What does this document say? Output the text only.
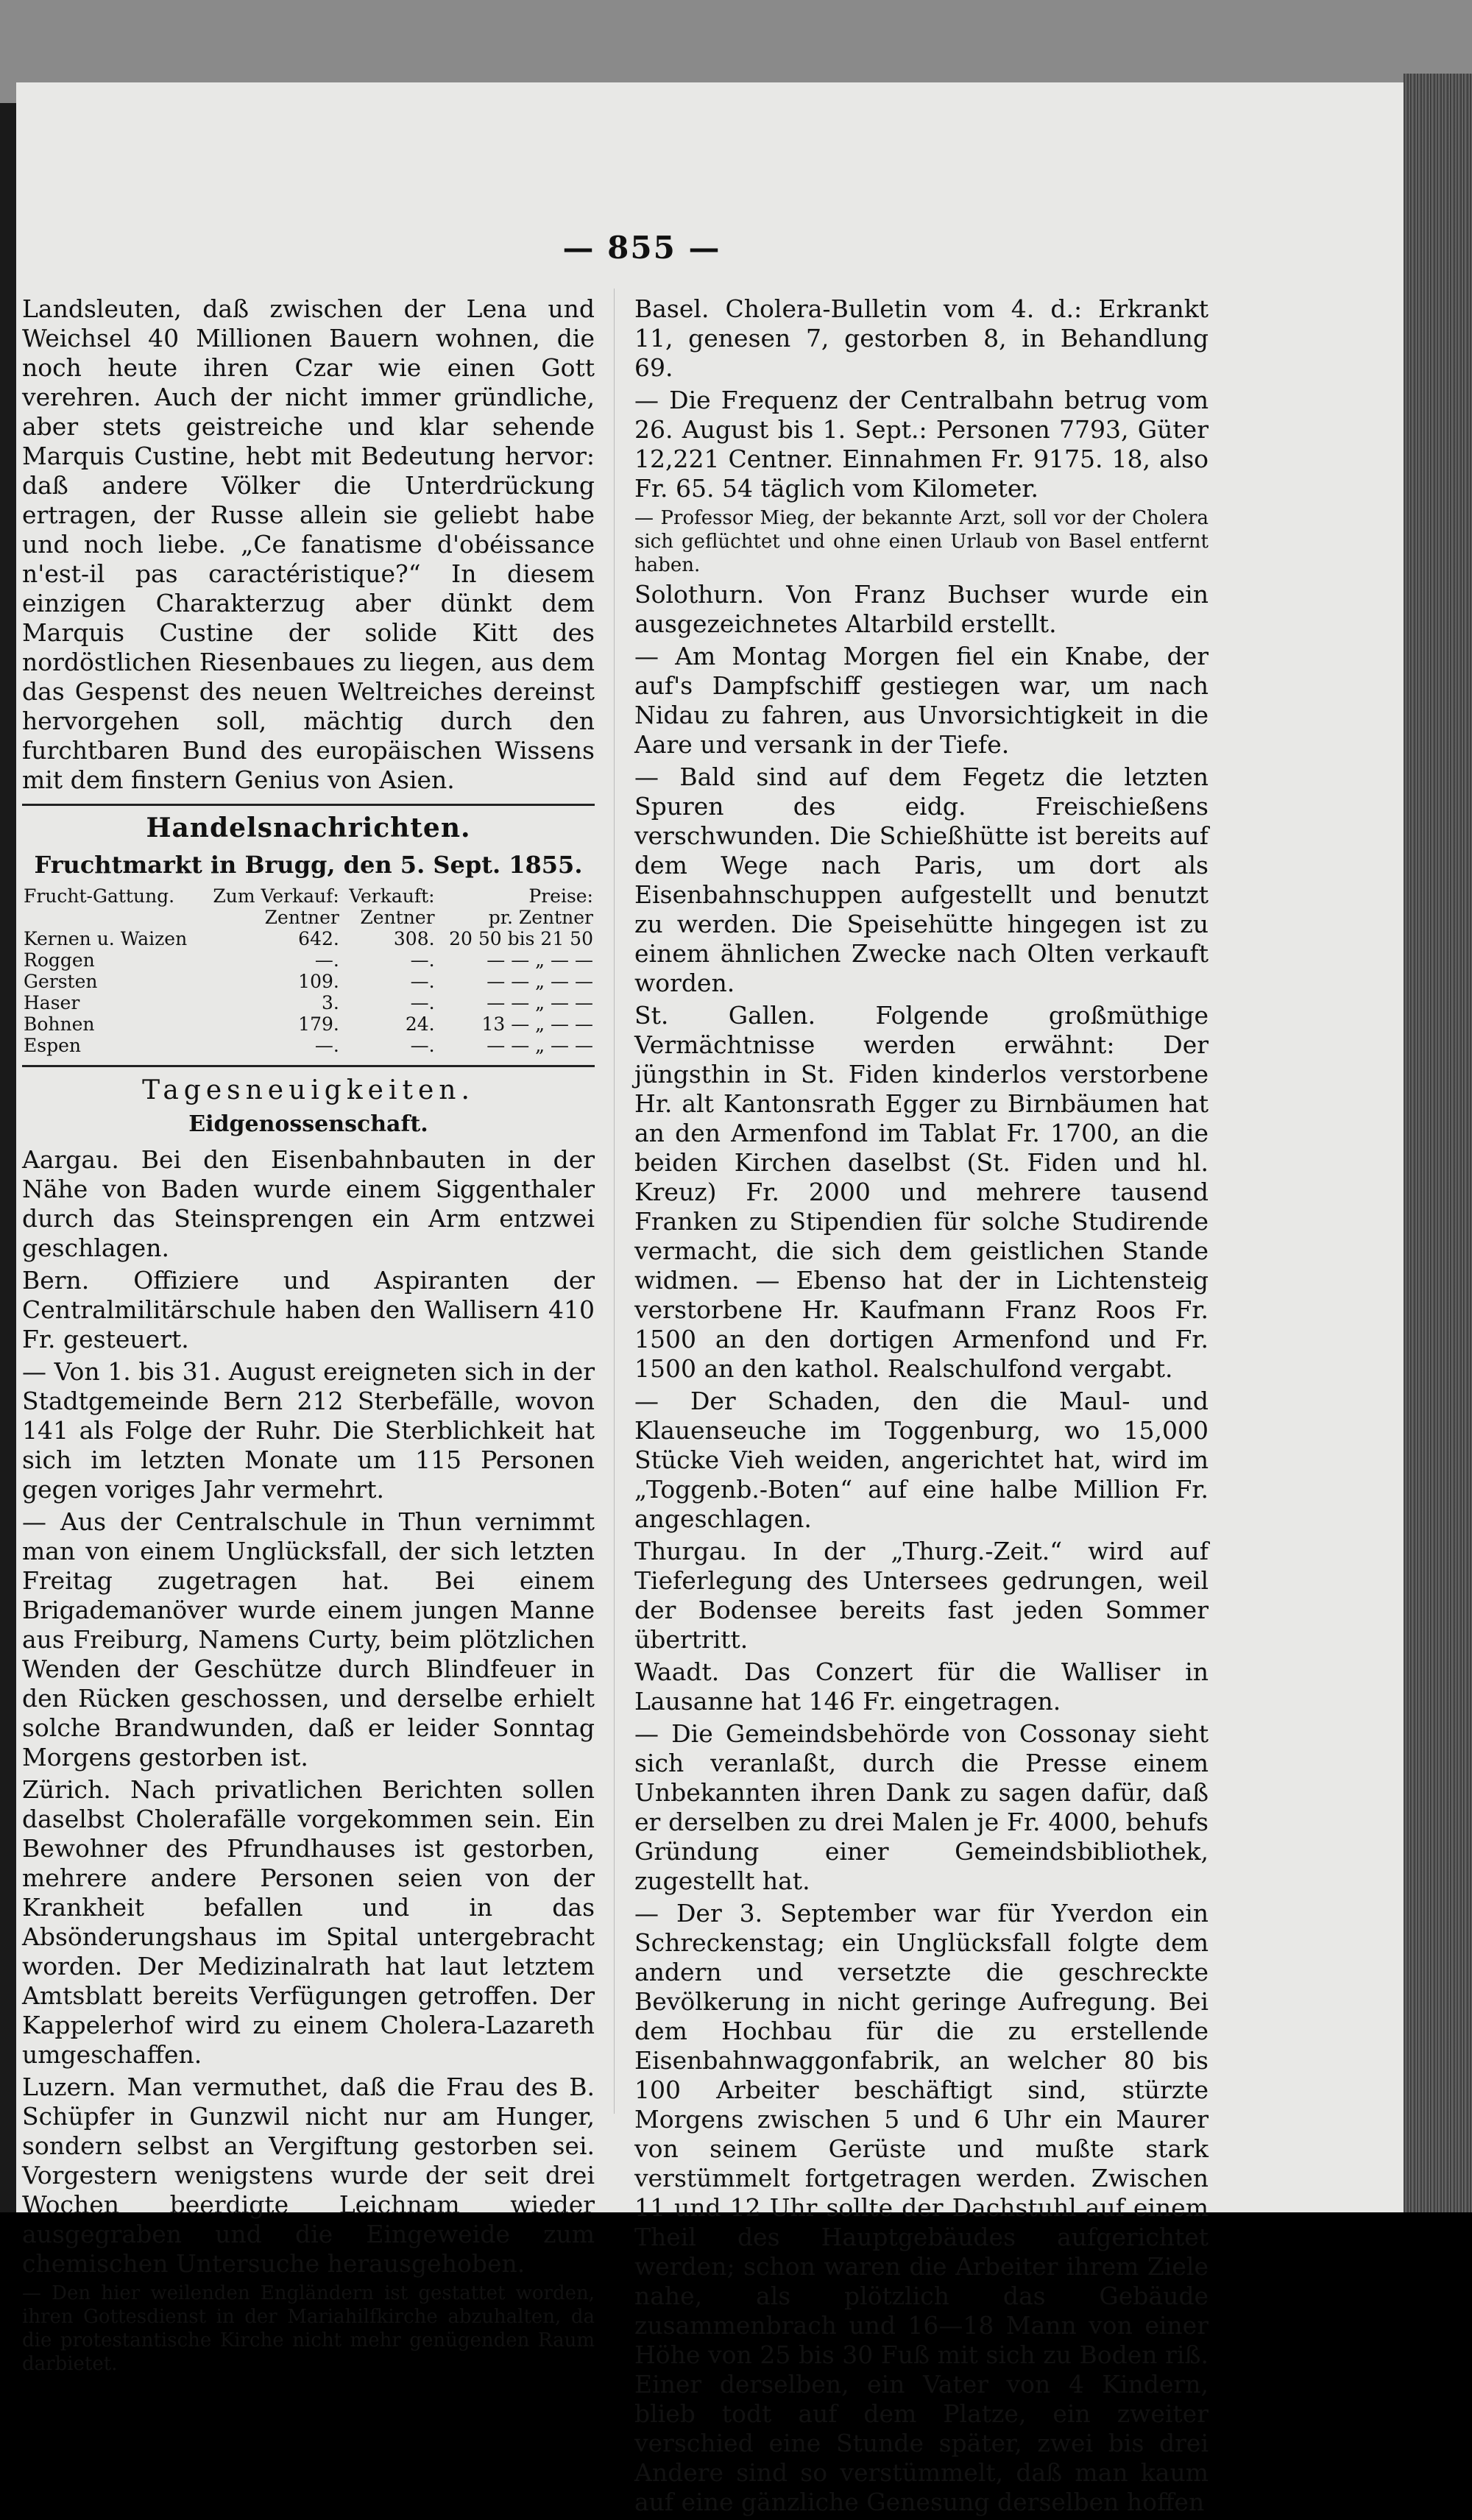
— 855 —

Landsleuten, daß zwischen der Lena und Weichsel 40 Millionen Bauern wohnen, die noch heute ihren Czar wie einen Gott verehren. Auch der nicht immer gründliche, aber stets geistreiche und klar sehende Marquis Custine, hebt mit Bedeutung hervor: daß andere Völker die Unterdrückung ertragen, der Russe allein sie geliebt habe und noch liebe. „Ce fanatisme d'obéissance n'est-il pas caractéristique?“ In diesem einzigen Charakterzug aber dünkt dem Marquis Custine der solide Kitt des nordöstlichen Riesenbaues zu liegen, aus dem das Gespenst des neuen Weltreiches dereinst hervorgehen soll, mächtig durch den furchtbaren Bund des europäischen Wissens mit dem finstern Genius von Asien.

Handelsnachrichten.
Fruchtmarkt in Brugg, den 5. Sept. 1855.
Frucht-Gattung.	Zum Verkauf:	Verkauft:	Preise:
	Zentner	Zentner	pr. Zentner
Kernen u. Waizen	642.	308.	20 50 bis 21 50
Roggen	—.	—.	— — „ — —
Gersten	109.	—.	— — „ — —
Haser	3.	—.	— — „ — —
Bohnen	179.	24.	13 — „ — —
Espen	—.	—.	— — „ — —
Tagesneuigkeiten.
Eidgenossenschaft.

Aargau. Bei den Eisenbahnbauten in der Nähe von Baden wurde einem Siggenthaler durch das Steinsprengen ein Arm entzwei geschlagen.

Bern. Offiziere und Aspiranten der Centralmilitärschule haben den Wallisern 410 Fr. gesteuert.

— Von 1. bis 31. August ereigneten sich in der Stadtgemeinde Bern 212 Sterbefälle, wovon 141 als Folge der Ruhr. Die Sterblichkeit hat sich im letzten Monate um 115 Personen gegen voriges Jahr vermehrt.

— Aus der Centralschule in Thun vernimmt man von einem Unglücksfall, der sich letzten Freitag zugetragen hat. Bei einem Brigademanöver wurde einem jungen Manne aus Freiburg, Namens Curty, beim plötzlichen Wenden der Geschütze durch Blindfeuer in den Rücken geschossen, und derselbe erhielt solche Brandwunden, daß er leider Sonntag Morgens gestorben ist.

Zürich. Nach privatlichen Berichten sollen daselbst Cholerafälle vorgekommen sein. Ein Bewohner des Pfrundhauses ist gestorben, mehrere andere Personen seien von der Krankheit befallen und in das Absönderungshaus im Spital untergebracht worden. Der Medizinalrath hat laut letztem Amtsblatt bereits Verfügungen getroffen. Der Kappelerhof wird zu einem Cholera-Lazareth umgeschaffen.

Luzern. Man vermuthet, daß die Frau des B. Schüpfer in Gunzwil nicht nur am Hunger, sondern selbst an Vergiftung gestorben sei. Vorgestern wenigstens wurde der seit drei Wochen beerdigte Leichnam wieder ausgegraben und die Eingeweide zum chemischen Untersuche herausgehoben.

— Den hier weilenden Engländern ist gestattet worden, ihren Gottesdienst in der Mariahilfkirche abzuhalten, da die protestantische Kirche nicht mehr genügenden Raum darbietet.

Basel. Cholera-Bulletin vom 4. d.: Erkrankt 11, genesen 7, gestorben 8, in Behandlung 69.

— Die Frequenz der Centralbahn betrug vom 26. August bis 1. Sept.: Personen 7793, Güter 12,221 Centner. Einnahmen Fr. 9175. 18, also Fr. 65. 54 täglich vom Kilometer.

— Professor Mieg, der bekannte Arzt, soll vor der Cholera sich geflüchtet und ohne einen Urlaub von Basel entfernt haben.

Solothurn. Von Franz Buchser wurde ein ausgezeichnetes Altarbild erstellt.

— Am Montag Morgen fiel ein Knabe, der auf's Dampfschiff gestiegen war, um nach Nidau zu fahren, aus Unvorsichtigkeit in die Aare und versank in der Tiefe.

— Bald sind auf dem Fegetz die letzten Spuren des eidg. Freischießens verschwunden. Die Schießhütte ist bereits auf dem Wege nach Paris, um dort als Eisenbahnschuppen aufgestellt und benutzt zu werden. Die Speisehütte hingegen ist zu einem ähnlichen Zwecke nach Olten verkauft worden.

St. Gallen. Folgende großmüthige Vermächtnisse werden erwähnt: Der jüngsthin in St. Fiden kinderlos verstorbene Hr. alt Kantonsrath Egger zu Birnbäumen hat an den Armenfond im Tablat Fr. 1700, an die beiden Kirchen daselbst (St. Fiden und hl. Kreuz) Fr. 2000 und mehrere tausend Franken zu Stipendien für solche Studirende vermacht, die sich dem geistlichen Stande widmen. — Ebenso hat der in Lichtensteig verstorbene Hr. Kaufmann Franz Roos Fr. 1500 an den dortigen Armenfond und Fr. 1500 an den kathol. Realschulfond vergabt.

— Der Schaden, den die Maul- und Klauenseuche im Toggenburg, wo 15,000 Stücke Vieh weiden, angerichtet hat, wird im „Toggenb.-Boten“ auf eine halbe Million Fr. angeschlagen.

Thurgau. In der „Thurg.-Zeit.“ wird auf Tieferlegung des Untersees gedrungen, weil der Bodensee bereits fast jeden Sommer übertritt.

Waadt. Das Conzert für die Walliser in Lausanne hat 146 Fr. eingetragen.

— Die Gemeindsbehörde von Cossonay sieht sich veranlaßt, durch die Presse einem Unbekannten ihren Dank zu sagen dafür, daß er derselben zu drei Malen je Fr. 4000, behufs Gründung einer Gemeindsbibliothek, zugestellt hat.

— Der 3. September war für Yverdon ein Schreckenstag; ein Unglücksfall folgte dem andern und versetzte die geschreckte Bevölkerung in nicht geringe Aufregung. Bei dem Hochbau für die zu erstellende Eisenbahnwaggonfabrik, an welcher 80 bis 100 Arbeiter beschäftigt sind, stürzte Morgens zwischen 5 und 6 Uhr ein Maurer von seinem Gerüste und mußte stark verstümmelt fortgetragen werden. Zwischen 11 und 12 Uhr sollte der Dachstuhl auf einem Theil des Hauptgebäudes aufgerichtet werden; schon waren die Arbeiter ihrem Ziele nahe, als plötzlich das Gebäude zusammenbrach und 16—18 Mann von einer Höhe von 25 bis 30 Fuß mit sich zu Boden riß. Einer derselben, ein Vater von 4 Kindern, blieb todt auf dem Platze, ein zweiter verschied eine Stunde später, zwei bis drei Andere sind so verstümmelt, daß man kaum auf eine gänzliche Genesung derselben hoffen
